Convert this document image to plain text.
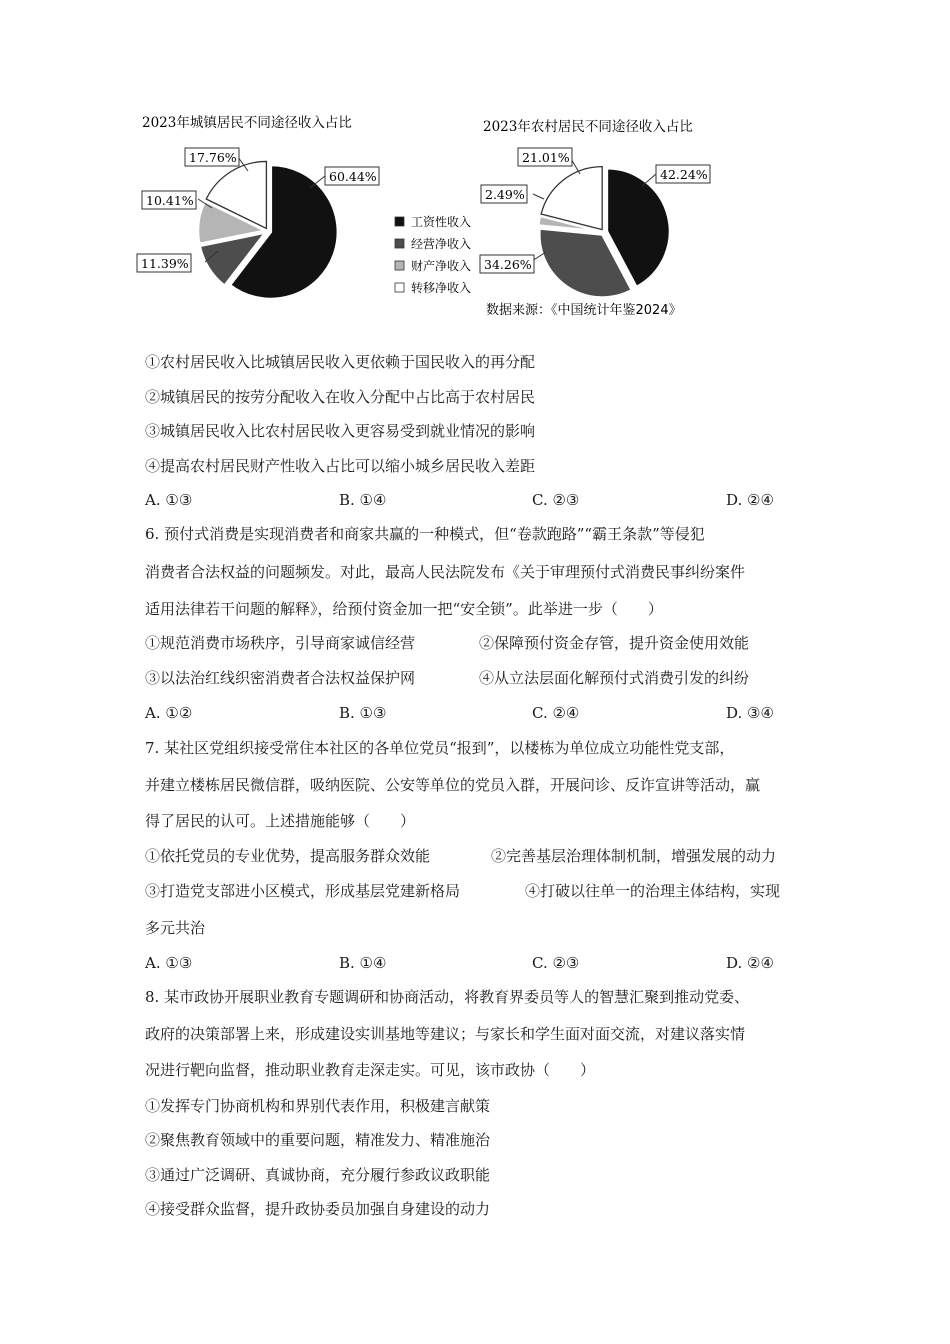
2023年城镇居民不同途径收入占比	2023年农村居民不同途径收入占比
60.44%
11.39%
10.41%
17.76%
42.24%
34.26%
2.49%
21.01%
工资性收入
经营净收入
财产净收入
转移净收入
数据来源：《中国统计年鉴2024》
①农村居民收入比城镇居民收入更依赖于国民收入的再分配
②城镇居民的按劳分配收入在收入分配中占比高于农村居民
③城镇居民收入比农村居民收入更容易受到就业情况的影响
④提高农村居民财产性收入占比可以缩小城乡居民收入差距
A. ①③	B. ①④	C. ②③	D. ②④
6. 预付式消费是实现消费者和商家共赢的一种模式，但“卷款跑路”“霸王条款”等侵犯
消费者合法权益的问题频发。对此，最高人民法院发布《关于审理预付式消费民事纠纷案件
适用法律若干问题的解释》，给预付资金加一把“安全锁”。此举进一步（　　）
①规范消费市场秩序，引导商家诚信经营	②保障预付资金存管，提升资金使用效能
③以法治红线织密消费者合法权益保护网	④从立法层面化解预付式消费引发的纠纷
A. ①②	B. ①③	C. ②④	D. ③④
7. 某社区党组织接受常住本社区的各单位党员“报到”，以楼栋为单位成立功能性党支部，
并建立楼栋居民微信群，吸纳医院、公安等单位的党员入群，开展问诊、反诈宣讲等活动，赢
得了居民的认可。上述措施能够（　　）
①依托党员的专业优势，提高服务群众效能	②完善基层治理体制机制，增强发展的动力
③打造党支部进小区模式，形成基层党建新格局	④打破以往单一的治理主体结构，实现
多元共治
A. ①③	B. ①④	C. ②③	D. ②④
8. 某市政协开展职业教育专题调研和协商活动，将教育界委员等人的智慧汇聚到推动党委、
政府的决策部署上来，形成建设实训基地等建议；与家长和学生面对面交流，对建议落实情
况进行靶向监督，推动职业教育走深走实。可见，该市政协（　　）
①发挥专门协商机构和界别代表作用，积极建言献策
②聚焦教育领域中的重要问题，精准发力、精准施治
③通过广泛调研、真诚协商，充分履行参政议政职能
④接受群众监督，提升政协委员加强自身建设的动力
